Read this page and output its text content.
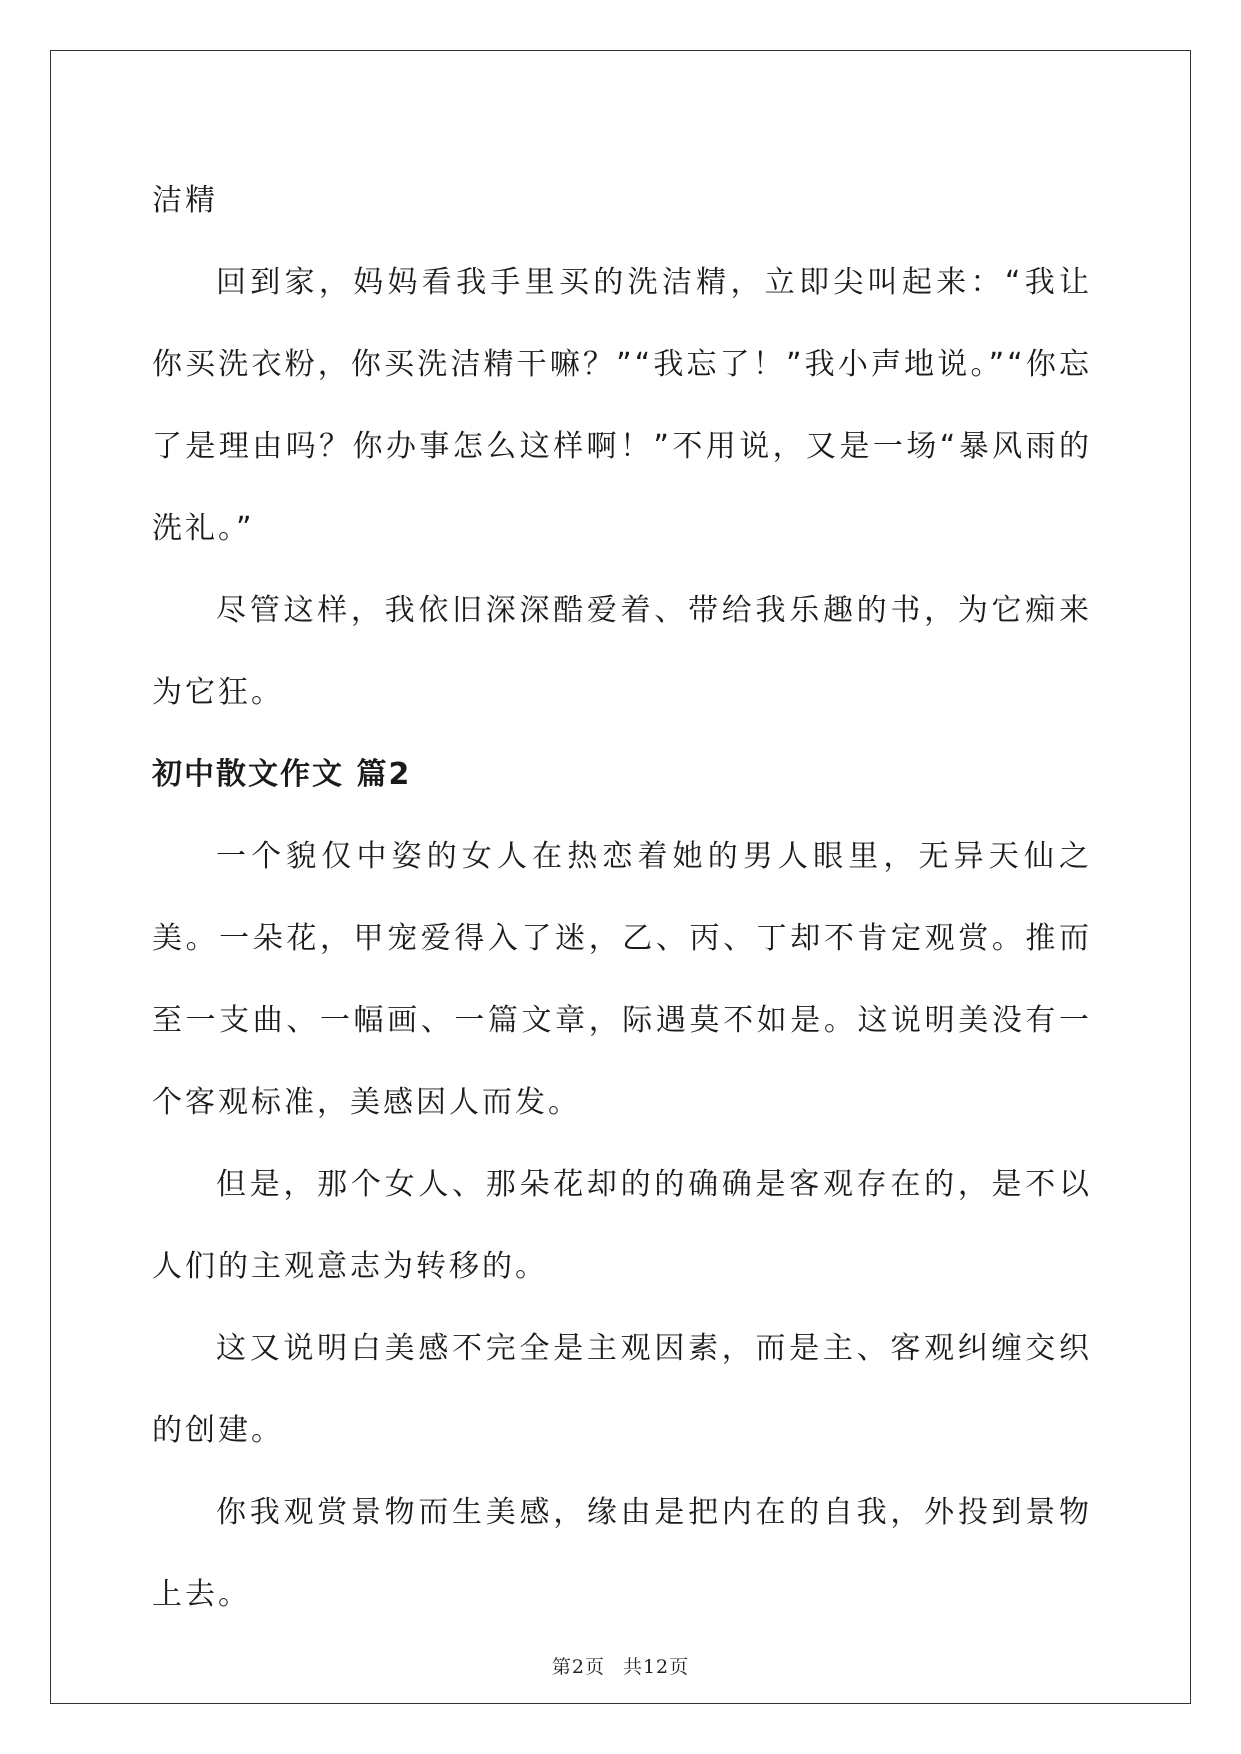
洁精

回到家，妈妈看我手里买的洗洁精，立即尖叫起来：“我让你买洗衣粉，你买洗洁精干嘛？”“我忘了！”我小声地说。”“你忘了是理由吗？你办事怎么这样啊！”不用说，又是一场“暴风雨的洗礼。”

尽管这样，我依旧深深酷爱着、带给我乐趣的书，为它痴来为它狂。

初中散文作文 篇2

一个貌仅中姿的女人在热恋着她的男人眼里，无异天仙之美。一朵花，甲宠爱得入了迷，乙、丙、丁却不肯定观赏。推而至一支曲、一幅画、一篇文章，际遇莫不如是。这说明美没有一个客观标准，美感因人而发。

但是，那个女人、那朵花却的的确确是客观存在的，是不以人们的主观意志为转移的。

这又说明白美感不完全是主观因素，而是主、客观纠缠交织的创建。

你我观赏景物而生美感，缘由是把内在的自我，外投到景物上去。

第2页 共12页
